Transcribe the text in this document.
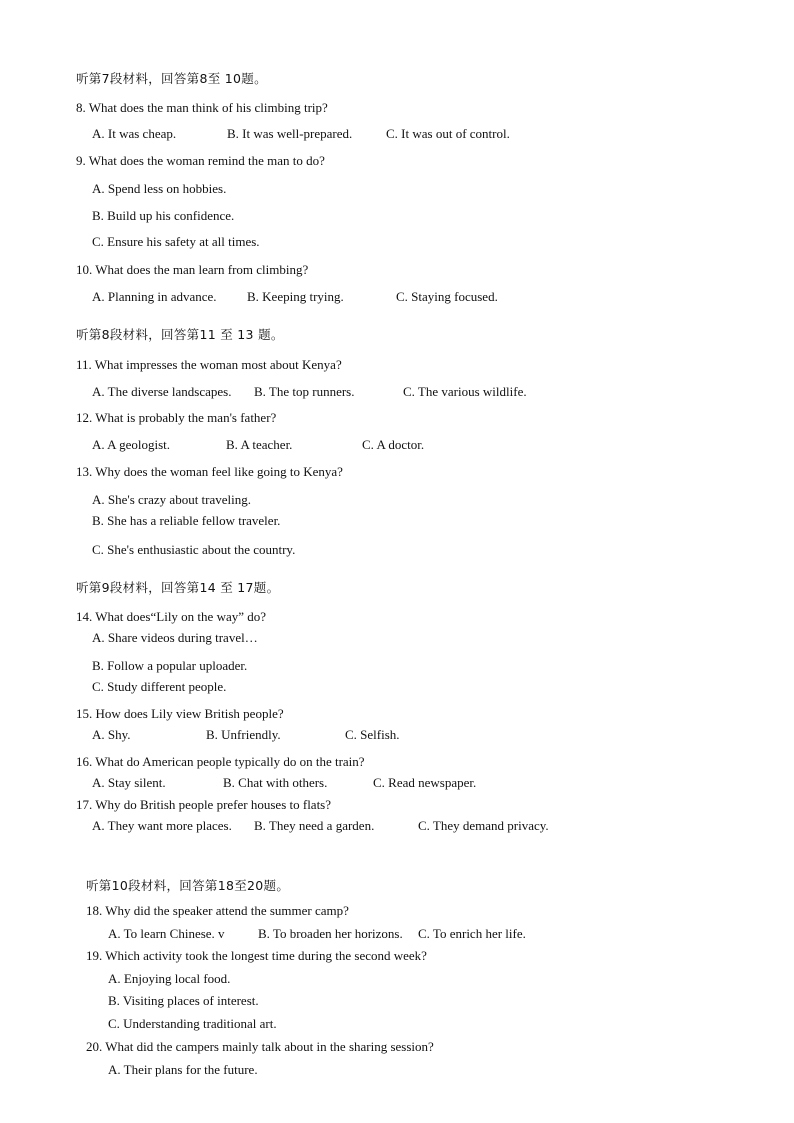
听第7段材料，回答第8至 10题。
8. What does the man think of his climbing trip?
A. It was cheap.	B. It was well-prepared.	C. It was out of control.
9. What does the woman remind the man to do?
A. Spend less on hobbies.
B. Build up his confidence.
C. Ensure his safety at all times.
10. What does the man learn from climbing?
A. Planning in advance. B. Keeping trying.	C. Staying focused.
听第8段材料，回答第11 至 13 题。
11. What impresses the woman most about Kenya?
A. The diverse landscapes. B. The top runners.	C. The various wildlife.
12. What is probably the man's father?
A. A geologist.	B. A teacher.	C. A doctor.
13. Why does the woman feel like going to Kenya?
A. She's crazy about traveling.
B. She has a reliable fellow traveler.
C. She's enthusiastic about the country.
听第9段材料，回答第14 至 17题。
14. What does“Lily on the way” do?
A. Share videos during travel…
B. Follow a popular uploader.
C. Study different people.
15. How does Lily view British people?
A. Shy.	B. Unfriendly.	C. Selfish.
16. What do American people typically do on the train?
A. Stay silent.	B. Chat with others.	C. Read newspaper.
17. Why do British people prefer houses to flats?
A. They want more places. B. They need a garden.	C. They demand privacy.
听第10段材料，回答第18至20题。
18. Why did the speaker attend the summer camp?
A. To learn Chinese. v	B. To broaden her horizons. C. To enrich her life.
19. Which activity took the longest time during the second week?
A. Enjoying local food.
B. Visiting places of interest.
C. Understanding traditional art.
20. What did the campers mainly talk about in the sharing session?
A. Their plans for the future.
